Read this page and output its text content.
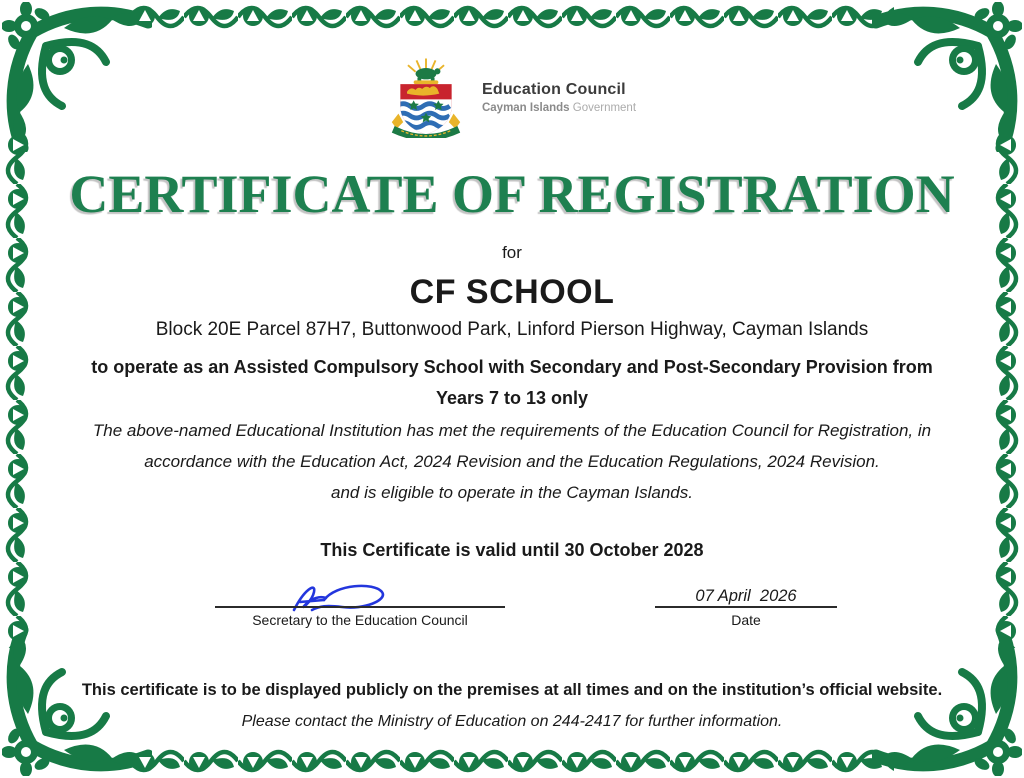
Education Council
Cayman Islands Government
CERTIFICATE OF REGISTRATION
for
CF SCHOOL
Block 20E Parcel 87H7, Buttonwood Park, Linford Pierson Highway, Cayman Islands
to operate as an Assisted Compulsory School with Secondary and Post-Secondary Provision from
Years 7 to 13 only
The above-named Educational Institution has met the requirements of the Education Council for Registration, in
accordance with the Education Act, 2024 Revision and the Education Regulations, 2024 Revision.
and is eligible to operate in the Cayman Islands.
This Certificate is valid until 30 October 2028
Secretary to the Education Council
07 April  2026
Date
This certificate is to be displayed publicly on the premises at all times and on the institution’s official website.
Please contact the Ministry of Education on 244-2417 for further information.
